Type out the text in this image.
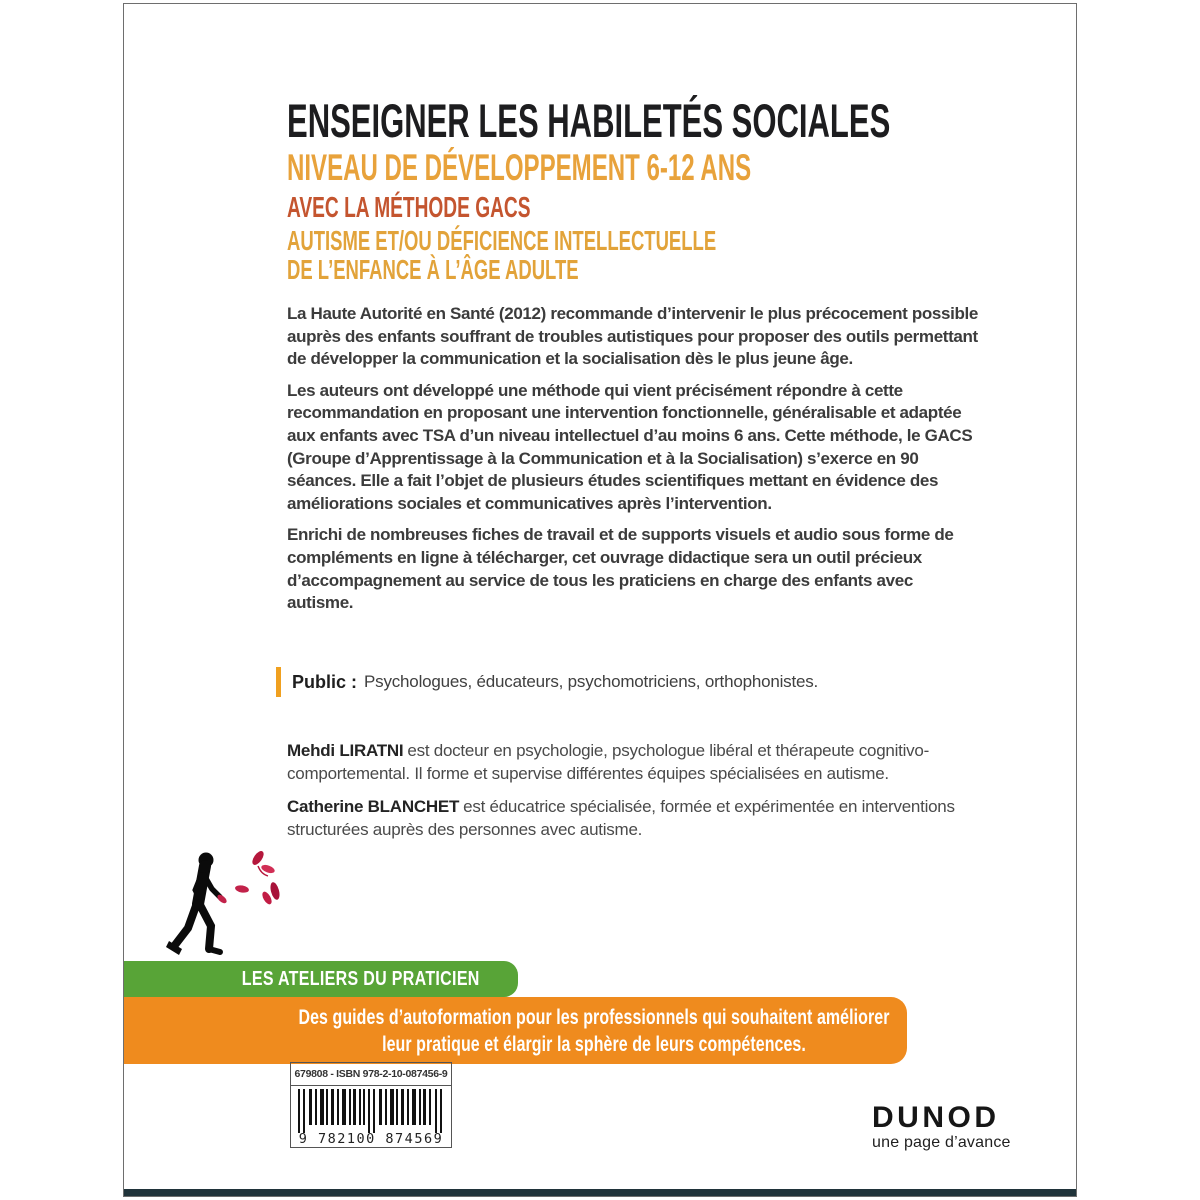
ENSEIGNER LES HABILETÉS SOCIALES
NIVEAU DE DÉVELOPPEMENT 6-12 ANS
AVEC LA MÉTHODE GACS
AUTISME ET/OU DÉFICIENCE INTELLECTUELLE
DE L’ENFANCE À L’ÂGE ADULTE

La Haute Autorité en Santé (2012) recommande d’intervenir le plus précocement possible auprès des enfants souffrant de troubles autistiques pour proposer des outils permettant de développer la communication et la socialisation dès le plus jeune âge.

Les auteurs ont développé une méthode qui vient précisément répondre à cette recommandation en proposant une intervention fonctionnelle, généralisable et adaptée aux enfants avec TSA d’un niveau intellectuel d’au moins 6 ans. Cette méthode, le GACS (Groupe d’Apprentissage à la Communication et à la Socialisation) s’exerce en 90 séances. Elle a fait l’objet de plusieurs études scientifiques mettant en évidence des améliorations sociales et communicatives après l’intervention.

Enrichi de nombreuses fiches de travail et de supports visuels et audio sous forme de compléments en ligne à télécharger, cet ouvrage didactique sera un outil précieux d’accompagnement au service de tous les praticiens en charge des enfants avec autisme.

Public : Psychologues, éducateurs, psychomotriciens, orthophonistes.

Mehdi LIRATNI est docteur en psychologie, psychologue libéral et thérapeute cognitivo-comportemental. Il forme et supervise différentes équipes spécialisées en autisme.

Catherine BLANCHET est éducatrice spécialisée, formée et expérimentée en interventions structurées auprès des personnes avec autisme.

LES ATELIERS DU PRATICIEN
Des guides d’autoformation pour les professionnels qui souhaitent améliorer leur pratique et élargir la sphère de leurs compétences.
679808 - ISBN 978-2-10-087456-9
9 782100 874569
DUNOD
une page d’avance
